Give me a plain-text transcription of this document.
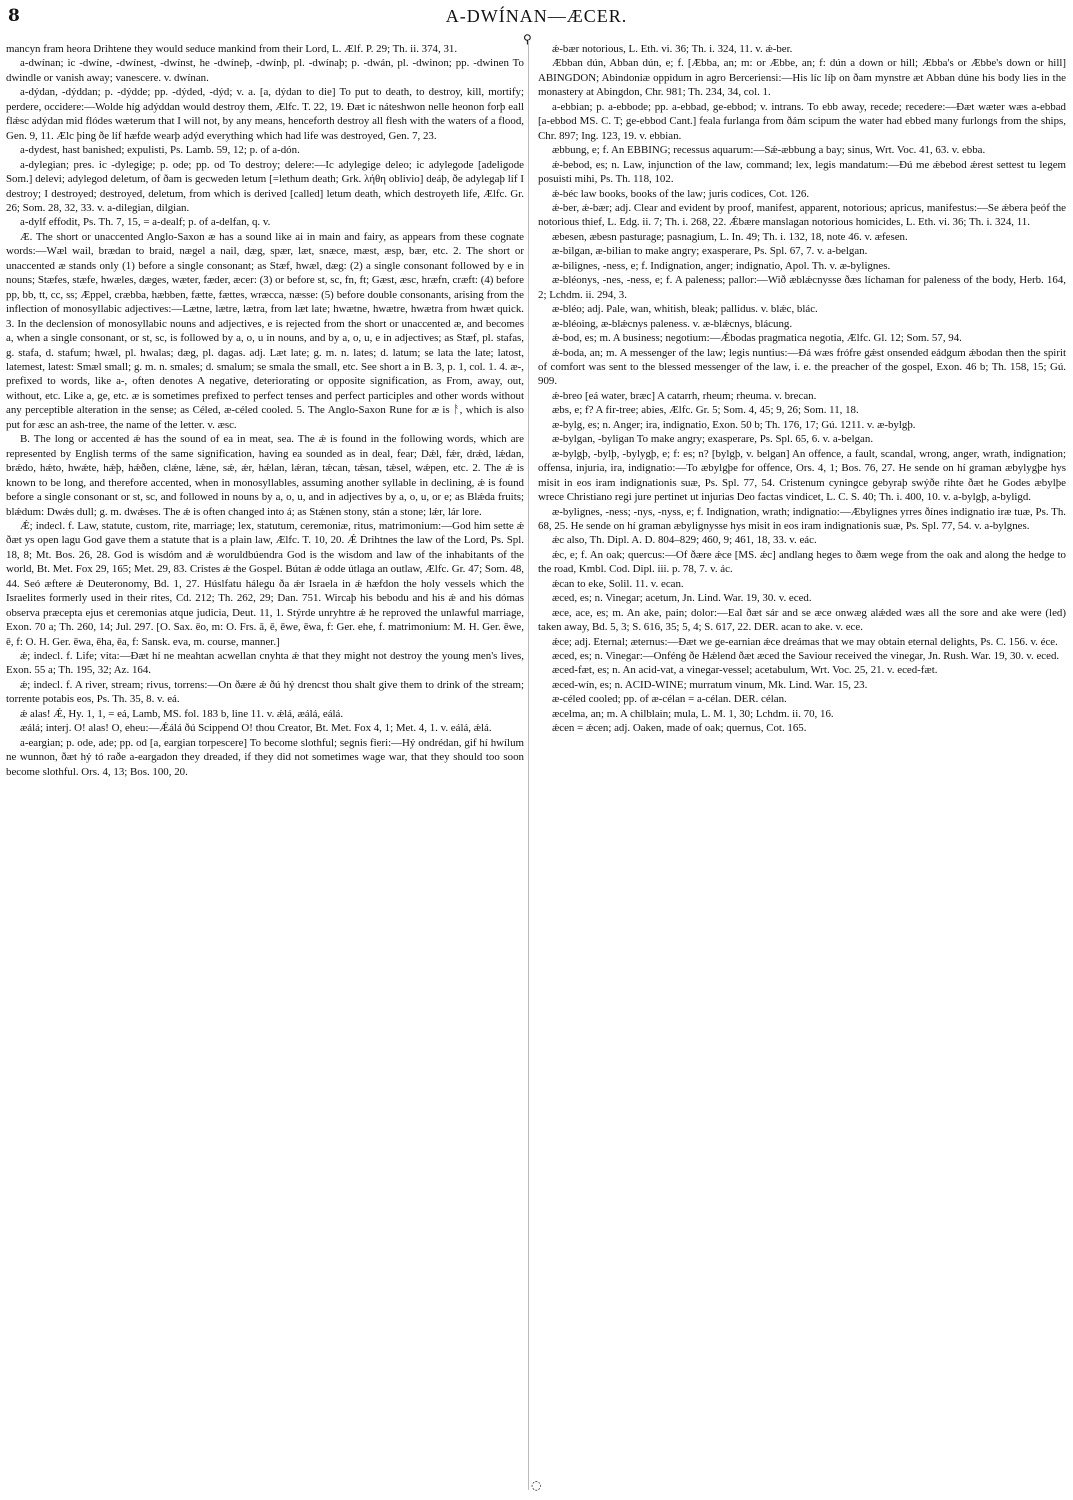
8	A-DWÍNAN—ÆCER.
⚲
◌

mancyn fram heora Drihtene they would seduce mankind from their Lord, L. Ælf. P. 29; Th. ii. 374, 31.

a-dwínan; ic -dwíne, -dwínest, -dwínst, he -dwíneþ, -dwínþ, pl. -dwínaþ; p. -dwán, pl. -dwinon; pp. -dwinen To dwindle or vanish away; vanescere. v. dwínan.

a-dýdan, -dýddan; p. -dýdde; pp. -dýded, -dýd; v. a. [a, dýdan to die] To put to death, to destroy, kill, mortify; perdere, occidere:—Wolde híg adýddan would destroy them, Ælfc. T. 22, 19. Ðæt ic náteshwon nelle heonon forþ eall flǽsc adýdan mid flódes wæterum that I will not, by any means, henceforth destroy all flesh with the waters of a flood, Gen. 9, 11. Ælc þing ðe líf hæfde wearþ adýd everything which had life was destroyed, Gen. 7, 23.

a-dydest, hast banished; expulisti, Ps. Lamb. 59, 12; p. of a-dón.

a-dylegian; pres. ic -dylegige; p. ode; pp. od To destroy; delere:—Ic adylegige deleo; ic adylegode [adeligode Som.] delevi; adylegod deletum, of ðam is gecweden letum [=lethum death; Grk. λήθη oblivio] deáþ, ðe adylegaþ líf I destroy; I destroyed; destroyed, deletum, from which is derived [called] letum death, which destroyeth life, Ælfc. Gr. 26; Som. 28, 32, 33. v. a-dilegian, dilgian.

a-dylf effodit, Ps. Th. 7, 15, = a-dealf; p. of a-delfan, q. v.

Æ. The short or unaccented Anglo-Saxon æ has a sound like ai in main and fairy, as appears from these cognate words:—Wæl wail, brædan to braid, nægel a nail, dæg, spær, læt, snæce, mæst, æsp, bær, etc. 2. The short or unaccented æ stands only (1) before a single consonant; as Stæf, hwæl, dæg: (2) a single consonant followed by e in nouns; Stæfes, stæfe, hwæles, dæges, wæter, fæder, æcer: (3) or before st, sc, fn, ft; Gæst, æsc, hræfn, cræft: (4) before pp, bb, tt, cc, ss; Æppel, cræbba, hæbben, fætte, fættes, wræcca, næsse: (5) before double consonants, arising from the inflection of monosyllabic adjectives:—Lætne, lætre, lætra, from læt late; hwætne, hwætre, hwætra from hwæt quick. 3. In the declension of monosyllabic nouns and adjectives, e is rejected from the short or unaccented æ, and becomes a, when a single consonant, or st, sc, is followed by a, o, u in nouns, and by a, o, u, e in adjectives; as Stæf, pl. stafas, g. stafa, d. stafum; hwæl, pl. hwalas; dæg, pl. dagas. adj. Læt late; g. m. n. lates; d. latum; se lata the late; latost, latemest, latest: Smæl small; g. m. n. smales; d. smalum; se smala the small, etc. See short a in B. 3, p. 1, col. 1. 4. æ-, prefixed to words, like a-, often denotes A negative, deteriorating or opposite signification, as From, away, out, without, etc. Like a, ge, etc. æ is sometimes prefixed to perfect tenses and perfect participles and other words without any perceptible alteration in the sense; as Céled, æ-céled cooled. 5. The Anglo-Saxon Rune for æ is ᚨ, which is also put for æsc an ash-tree, the name of the letter. v. æsc.

B. The long or accented ǽ has the sound of ea in meat, sea. The ǽ is found in the following words, which are represented by English terms of the same signification, having ea sounded as in deal, fear; Dǽl, fǽr, drǽd, lǽdan, brǽdo, hǽto, hwǽte, hǽþ, hǽðen, clǽne, lǽne, sǽ, ǽr, hǽlan, lǽran, tǽcan, tǽsan, tǽsel, wǽpen, etc. 2. The ǽ is known to be long, and therefore accented, when in monosyllables, assuming another syllable in declining, ǽ is found before a single consonant or st, sc, and followed in nouns by a, o, u, and in adjectives by a, o, u, or e; as Blǽda fruits; blǽdum: Dwǽs dull; g. m. dwǽses. The ǽ is often changed into á; as Stǽnen stony, stán a stone; lǽr, lár lore.

Ǽ; indecl. f. Law, statute, custom, rite, marriage; lex, statutum, ceremoniæ, ritus, matrimonium:—God him sette ǽ ðæt ys open lagu God gave them a statute that is a plain law, Ælfc. T. 10, 20. Ǽ Drihtnes the law of the Lord, Ps. Spl. 18, 8; Mt. Bos. 26, 28. God is wísdóm and ǽ woruldbúendra God is the wisdom and law of the inhabitants of the world, Bt. Met. Fox 29, 165; Met. 29, 83. Cristes ǽ the Gospel. Bútan ǽ odde útlaga an outlaw, Ælfc. Gr. 47; Som. 48, 44. Seó æftere ǽ Deuteronomy, Bd. 1, 27. Húslfatu hálegu ða ǽr Israela in ǽ hæfdon the holy vessels which the Israelites formerly used in their rites, Cd. 212; Th. 262, 29; Dan. 751. Wircaþ his bebodu and his ǽ and his dómas observa præcepta ejus et ceremonias atque judicia, Deut. 11, 1. Stýrde unryhtre ǽ he reproved the unlawful marriage, Exon. 70 a; Th. 260, 14; Jul. 297. [O. Sax. ēo, m: O. Frs. ā, ē, ēwe, ēwa, f: Ger. ehe, f. matrimonium: M. H. Ger. ēwe, ē, f: O. H. Ger. ēwa, ēha, ēa, f: Sansk. eva, m. course, manner.]

ǽ; indecl. f. Life; vita:—Ðæt hí ne meahtan acwellan cnyhta ǽ that they might not destroy the young men's lives, Exon. 55 a; Th. 195, 32; Az. 164.

ǽ; indecl. f. A river, stream; rivus, torrens:—On ðære ǽ ðú hý drencst thou shalt give them to drink of the stream; torrente potabis eos, Ps. Th. 35, 8. v. eá.

ǽ alas! Ǽ, Hy. 1, 1, = eá, Lamb, MS. fol. 183 b, line 11. v. ǽlá, æálá, eálá.

æálá; interj. O! alas! O, eheu:—Ǽálá ðú Scippend O! thou Creator, Bt. Met. Fox 4, 1; Met. 4, 1. v. eálá, ǽlá.

a-eargian; p. ode, ade; pp. od [a, eargian torpescere] To become slothful; segnis fieri:—Hý ondrédan, gif hí hwílum ne wunnon, ðæt hý tó raðe a-eargadon they dreaded, if they did not sometimes wage war, that they should too soon become slothful. Ors. 4, 13; Bos. 100, 20.

ǽ-bær notorious, L. Eth. vi. 36; Th. i. 324, 11. v. ǽ-ber.

Æbban dún, Abban dún, e; f. [Æbba, an; m: or Æbbe, an; f: dún a down or hill; Æbba's or Æbbe's down or hill] ABINGDON; Abindoniæ oppidum in agro Berceriensi:—His líc líþ on ðam mynstre æt Abban dúne his body lies in the monastery at Abingdon, Chr. 981; Th. 234, 34, col. 1.

a-ebbian; p. a-ebbode; pp. a-ebbad, ge-ebbod; v. intrans. To ebb away, recede; recedere:—Ðæt wæter wæs a-ebbad [a-ebbod MS. C. T; ge-ebbod Cant.] feala furlanga from ðám scipum the water had ebbed many furlongs from the ships, Chr. 897; Ing. 123, 19. v. ebbian.

æbbung, e; f. An EBBING; recessus aquarum:—Sǽ-æbbung a bay; sinus, Wrt. Voc. 41, 63. v. ebba.

ǽ-bebod, es; n. Law, injunction of the law, command; lex, legis mandatum:—Ðú me ǽbebod ǽrest settest tu legem posuisti mihi, Ps. Th. 118, 102.

ǽ-béc law books, books of the law; juris codices, Cot. 126.

ǽ-ber, ǽ-bær; adj. Clear and evident by proof, manifest, apparent, notorious; apricus, manifestus:—Se ǽbera þeóf the notorious thief, L. Edg. ii. 7; Th. i. 268, 22. Ǽbære manslagan notorious homicides, L. Eth. vi. 36; Th. i. 324, 11.

æbesen, æbesn pasturage; pasnagium, L. In. 49; Th. i. 132, 18, note 46. v. æfesen.

æ-bilgan, æ-bilian to make angry; exasperare, Ps. Spl. 67, 7. v. a-belgan.

æ-bilignes, -ness, e; f. Indignation, anger; indignatio, Apol. Th. v. æ-bylignes.

æ-bléonys, -nes, -ness, e; f. A paleness; pallor:—Wið æblǽcnysse ðæs líchaman for paleness of the body, Herb. 164, 2; Lchdm. ii. 294, 3.

æ-bléo; adj. Pale, wan, whitish, bleak; pallidus. v. blǽc, blác.

æ-bléoing, æ-blǽcnys paleness. v. æ-blǽcnys, blácung.

ǽ-bod, es; m. A business; negotium:—Ǽbodas pragmatica negotia, Ælfc. Gl. 12; Som. 57, 94.

ǽ-boda, an; m. A messenger of the law; legis nuntius:—Ðá wæs frófre gǽst onsended eádgum ǽbodan then the spirit of comfort was sent to the blessed messenger of the law, i. e. the preacher of the gospel, Exon. 46 b; Th. 158, 15; Gú. 909.

ǽ-breo [eá water, bræc] A catarrh, rheum; rheuma. v. brecan.

æbs, e; f? A fir-tree; abies, Ælfc. Gr. 5; Som. 4, 45; 9, 26; Som. 11, 18.

æ-bylg, es; n. Anger; ira, indignatio, Exon. 50 b; Th. 176, 17; Gú. 1211. v. æ-bylgþ.

æ-bylgan, -byligan To make angry; exasperare, Ps. Spl. 65, 6. v. a-belgan.

æ-bylgþ, -bylþ, -bylygþ, e; f: es; n? [bylgþ, v. belgan] An offence, a fault, scandal, wrong, anger, wrath, indignation; offensa, injuria, ira, indignatio:—To æbylgþe for offence, Ors. 4, 1; Bos. 76, 27. He sende on hí graman æbylygþe hys misit in eos iram indignationis suæ, Ps. Spl. 77, 54. Cristenum cyningce gebyraþ swýðe rihte ðæt he Godes æbylþe wrece Christiano regi jure pertinet ut injurias Deo factas vindicet, L. C. S. 40; Th. i. 400, 10. v. a-bylgþ, a-byligd.

æ-bylignes, -ness; -nys, -nyss, e; f. Indignation, wrath; indignatio:—Æbylignes yrres ðínes indignatio iræ tuæ, Ps. Th. 68, 25. He sende on hí graman æbylignysse hys misit in eos iram indignationis suæ, Ps. Spl. 77, 54. v. a-bylgnes.

ǽc also, Th. Dipl. A. D. 804–829; 460, 9; 461, 18, 33. v. eác.

ǽc, e; f. An oak; quercus:—Of ðære ǽce [MS. ǽc] andlang heges to ðæm wege from the oak and along the hedge to the road, Kmbl. Cod. Dipl. iii. p. 78, 7. v. ác.

ǽcan to eke, Solil. 11. v. ecan.

æced, es; n. Vinegar; acetum, Jn. Lind. War. 19, 30. v. eced.

æce, ace, es; m. An ake, pain; dolor:—Eal ðæt sár and se æce onwæg alǽded wæs all the sore and ake were (led) taken away, Bd. 5, 3; S. 616, 35; 5, 4; S. 617, 22. DER. acan to ake. v. ece.

ǽce; adj. Eternal; æternus:—Ðæt we ge-earnian ǽce dreámas that we may obtain eternal delights, Ps. C. 156. v. éce.

æced, es; n. Vinegar:—Onféng ðe Hǽlend ðæt æced the Saviour received the vinegar, Jn. Rush. War. 19, 30. v. eced.

æced-fæt, es; n. An acid-vat, a vinegar-vessel; acetabulum, Wrt. Voc. 25, 21. v. eced-fæt.

æced-wín, es; n. ACID-WINE; murratum vinum, Mk. Lind. War. 15, 23.

æ-céled cooled; pp. of æ-célan = a-célan. DER. célan.

æcelma, an; m. A chilblain; mula, L. M. 1, 30; Lchdm. ii. 70, 16.

ǽcen = ǽcen; adj. Oaken, made of oak; quernus, Cot. 165.
